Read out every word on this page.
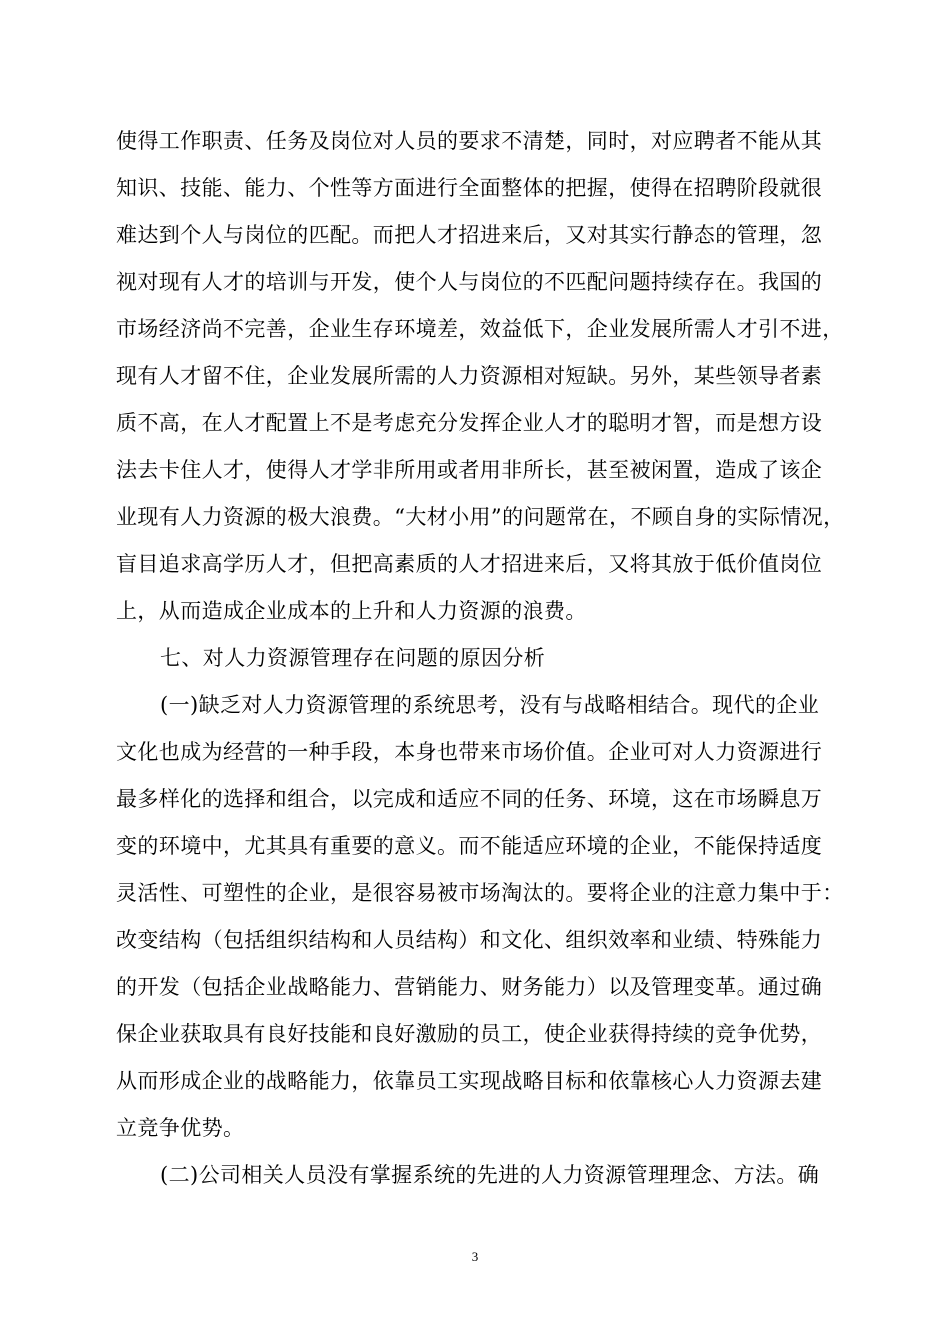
使得工作职责、任务及岗位对人员的要求不清楚，同时，对应聘者不能从其
知识、技能、能力、个性等方面进行全面整体的把握，使得在招聘阶段就很
难达到个人与岗位的匹配。而把人才招进来后，又对其实行静态的管理，忽
视对现有人才的培训与开发，使个人与岗位的不匹配问题持续存在。我国的
市场经济尚不完善，企业生存环境差，效益低下，企业发展所需人才引不进，
现有人才留不住，企业发展所需的人力资源相对短缺。另外，某些领导者素
质不高，在人才配置上不是考虑充分发挥企业人才的聪明才智，而是想方设
法去卡住人才，使得人才学非所用或者用非所长，甚至被闲置，造成了该企
业现有人力资源的极大浪费。“大材小用”的问题常在，不顾自身的实际情况，
盲目追求高学历人才，但把高素质的人才招进来后，又将其放于低价值岗位
上，从而造成企业成本的上升和人力资源的浪费。
七、对人力资源管理存在问题的原因分析
(一)缺乏对人力资源管理的系统思考，没有与战略相结合。现代的企业
文化也成为经营的一种手段，本身也带来市场价值。企业可对人力资源进行
最多样化的选择和组合，以完成和适应不同的任务、环境，这在市场瞬息万
变的环境中，尤其具有重要的意义。而不能适应环境的企业，不能保持适度
灵活性、可塑性的企业，是很容易被市场淘汰的。要将企业的注意力集中于：
改变结构（包括组织结构和人员结构）和文化、组织效率和业绩、特殊能力
的开发（包括企业战略能力、营销能力、财务能力）以及管理变革。通过确
保企业获取具有良好技能和良好激励的员工，使企业获得持续的竞争优势，
从而形成企业的战略能力，依靠员工实现战略目标和依靠核心人力资源去建
立竞争优势。
(二)公司相关人员没有掌握系统的先进的人力资源管理理念、方法。确
3
